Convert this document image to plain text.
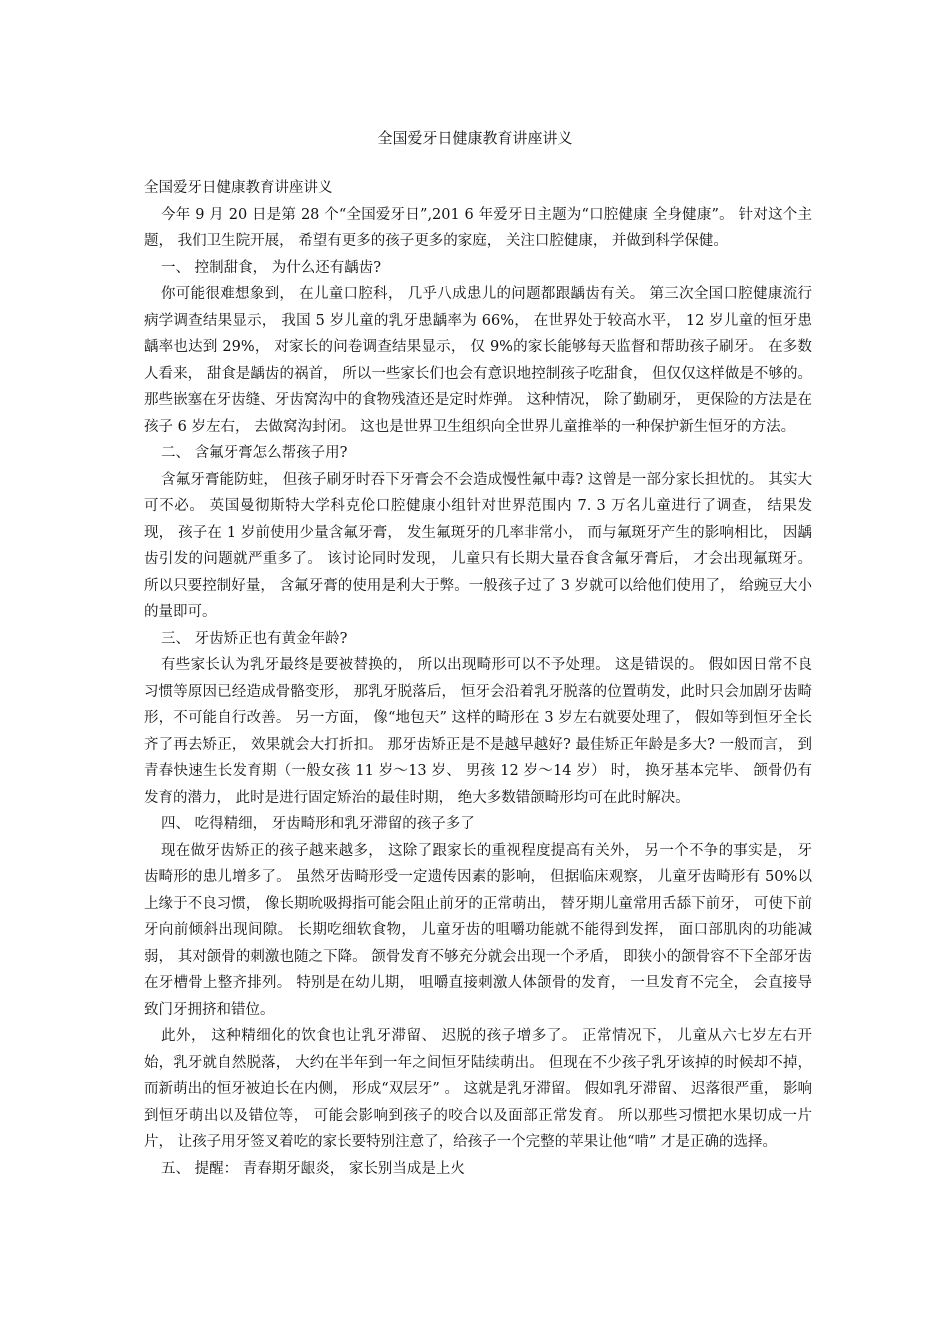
全国爱牙日健康教育讲座讲义

全国爱牙日健康教育讲座讲义

今年 9 月 20 日是第 28 个“全国爱牙日”,201 6 年爱牙日主题为“口腔健康 全身健康”。 针对这个主题， 我们卫生院开展， 希望有更多的孩子更多的家庭， 关注口腔健康， 并做到科学保健。

一、 控制甜食， 为什么还有龋齿?

你可能很难想象到， 在儿童口腔科， 几乎八成患儿的问题都跟龋齿有关。 第三次全国口腔健康流行病学调查结果显示， 我国 5 岁儿童的乳牙患龋率为 66%， 在世界处于较高水平， 12 岁儿童的恒牙患龋率也达到 29%， 对家长的问卷调查结果显示， 仅 9%的家长能够每天监督和帮助孩子刷牙。 在多数人看来， 甜食是龋齿的祸首， 所以一些家长们也会有意识地控制孩子吃甜食， 但仅仅这样做是不够的。 那些嵌塞在牙齿缝、牙齿窝沟中的食物残渣还是定时炸弹。 这种情况， 除了勤刷牙， 更保险的方法是在孩子 6 岁左右， 去做窝沟封闭。 这也是世界卫生组织向全世界儿童推举的一种保护新生恒牙的方法。

二、 含氟牙膏怎么帮孩子用?

含氟牙膏能防蛀， 但孩子刷牙时吞下牙膏会不会造成慢性氟中毒? 这曾是一部分家长担忧的。 其实大可不必。 英国曼彻斯特大学科克伦口腔健康小组针对世界范围内 7. 3 万名儿童进行了调查， 结果发现， 孩子在 1 岁前使用少量含氟牙膏， 发生氟斑牙的几率非常小， 而与氟斑牙产生的影响相比， 因龋齿引发的问题就严重多了。 该讨论同时发现， 儿童只有长期大量吞食含氟牙膏后， 才会出现氟斑牙。 所以只要控制好量， 含氟牙膏的使用是利大于弊。一般孩子过了 3 岁就可以给他们使用了， 给豌豆大小的量即可。

三、 牙齿矫正也有黄金年龄?

有些家长认为乳牙最终是要被替换的， 所以出现畸形可以不予处理。 这是错误的。 假如因日常不良习惯等原因已经造成骨骼变形， 那乳牙脱落后， 恒牙会沿着乳牙脱落的位置萌发，此时只会加剧牙齿畸形，不可能自行改善。 另一方面， 像“地包天” 这样的畸形在 3 岁左右就要处理了， 假如等到恒牙全长齐了再去矫正， 效果就会大打折扣。 那牙齿矫正是不是越早越好? 最佳矫正年龄是多大? 一般而言， 到青春快速生长发育期（一般女孩 11 岁～13 岁、 男孩 12 岁～14 岁） 时， 换牙基本完毕、 颌骨仍有发育的潜力， 此时是进行固定矫治的最佳时期， 绝大多数错颌畸形均可在此时解决。

四、 吃得精细， 牙齿畸形和乳牙滞留的孩子多了

现在做牙齿矫正的孩子越来越多， 这除了跟家长的重视程度提高有关外， 另一个不争的事实是， 牙齿畸形的患儿增多了。 虽然牙齿畸形受一定遗传因素的影响， 但据临床观察， 儿童牙齿畸形有 50%以上缘于不良习惯， 像长期吮吸拇指可能会阻止前牙的正常萌出， 替牙期儿童常用舌舔下前牙， 可使下前牙向前倾斜出现间隙。 长期吃细软食物， 儿童牙齿的咀嚼功能就不能得到发挥， 面口部肌肉的功能减弱， 其对颌骨的刺激也随之下降。 颌骨发育不够充分就会出现一个矛盾， 即狭小的颌骨容不下全部牙齿在牙槽骨上整齐排列。 特别是在幼儿期， 咀嚼直接刺激人体颌骨的发育， 一旦发育不完全， 会直接导致门牙拥挤和错位。

此外， 这种精细化的饮食也让乳牙滞留、 迟脱的孩子增多了。 正常情况下， 儿童从六七岁左右开始，乳牙就自然脱落， 大约在半年到一年之间恒牙陆续萌出。 但现在不少孩子乳牙该掉的时候却不掉， 而新萌出的恒牙被迫长在内侧， 形成“双层牙” 。 这就是乳牙滞留。 假如乳牙滞留、 迟落很严重， 影响到恒牙萌出以及错位等， 可能会影响到孩子的咬合以及面部正常发育。 所以那些习惯把水果切成一片片， 让孩子用牙签叉着吃的家长要特别注意了，给孩子一个完整的苹果让他“啃” 才是正确的选择。

五、 提醒： 青春期牙龈炎， 家长别当成是上火
